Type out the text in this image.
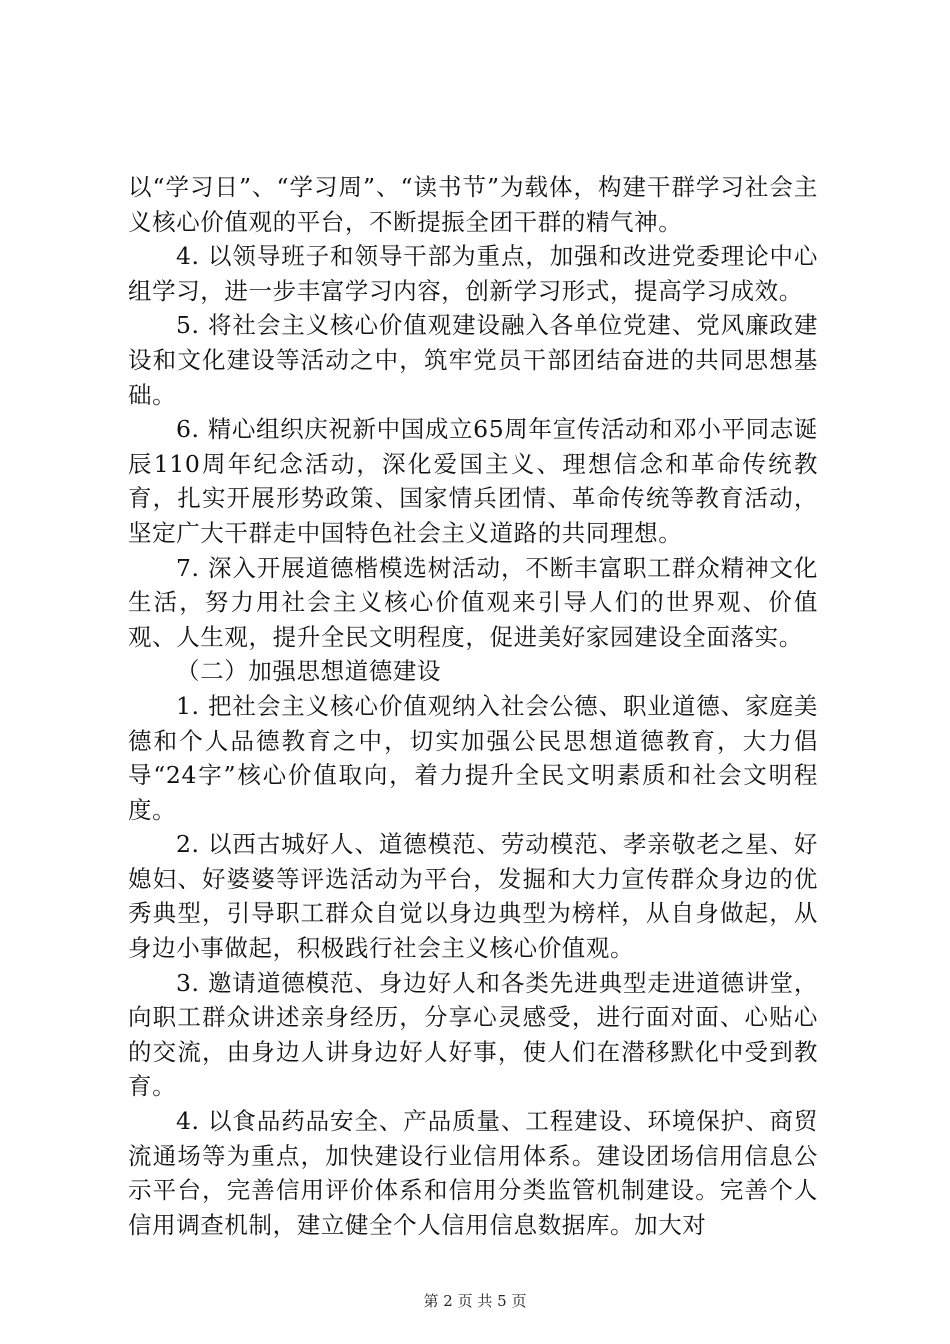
以“学习日”、“学习周”、“读书节”为载体，构建干群学习社会主义核心价值观的平台，不断提振全团干群的精气神。

4. 以领导班子和领导干部为重点，加强和改进党委理论中心组学习，进一步丰富学习内容，创新学习形式，提高学习成效。

5. 将社会主义核心价值观建设融入各单位党建、党风廉政建设和文化建设等活动之中，筑牢党员干部团结奋进的共同思想基础。

6. 精心组织庆祝新中国成立65周年宣传活动和邓小平同志诞辰110周年纪念活动，深化爱国主义、理想信念和革命传统教育，扎实开展形势政策、国家情兵团情、革命传统等教育活动，坚定广大干群走中国特色社会主义道路的共同理想。

7. 深入开展道德楷模选树活动，不断丰富职工群众精神文化生活，努力用社会主义核心价值观来引导人们的世界观、价值观、人生观，提升全民文明程度，促进美好家园建设全面落实。

（二）加强思想道德建设

1. 把社会主义核心价值观纳入社会公德、职业道德、家庭美德和个人品德教育之中，切实加强公民思想道德教育，大力倡导“24字”核心价值取向，着力提升全民文明素质和社会文明程度。

2. 以西古城好人、道德模范、劳动模范、孝亲敬老之星、好媳妇、好婆婆等评选活动为平台，发掘和大力宣传群众身边的优秀典型，引导职工群众自觉以身边典型为榜样，从自身做起，从身边小事做起，积极践行社会主义核心价值观。

3. 邀请道德模范、身边好人和各类先进典型走进道德讲堂，向职工群众讲述亲身经历，分享心灵感受，进行面对面、心贴心的交流，由身边人讲身边好人好事，使人们在潜移默化中受到教育。

4. 以食品药品安全、产品质量、工程建设、环境保护、商贸流通场等为重点，加快建设行业信用体系。建设团场信用信息公示平台，完善信用评价体系和信用分类监管机制建设。完善个人信用调查机制，建立健全个人信用信息数据库。加大对

第 2 页 共 5 页
